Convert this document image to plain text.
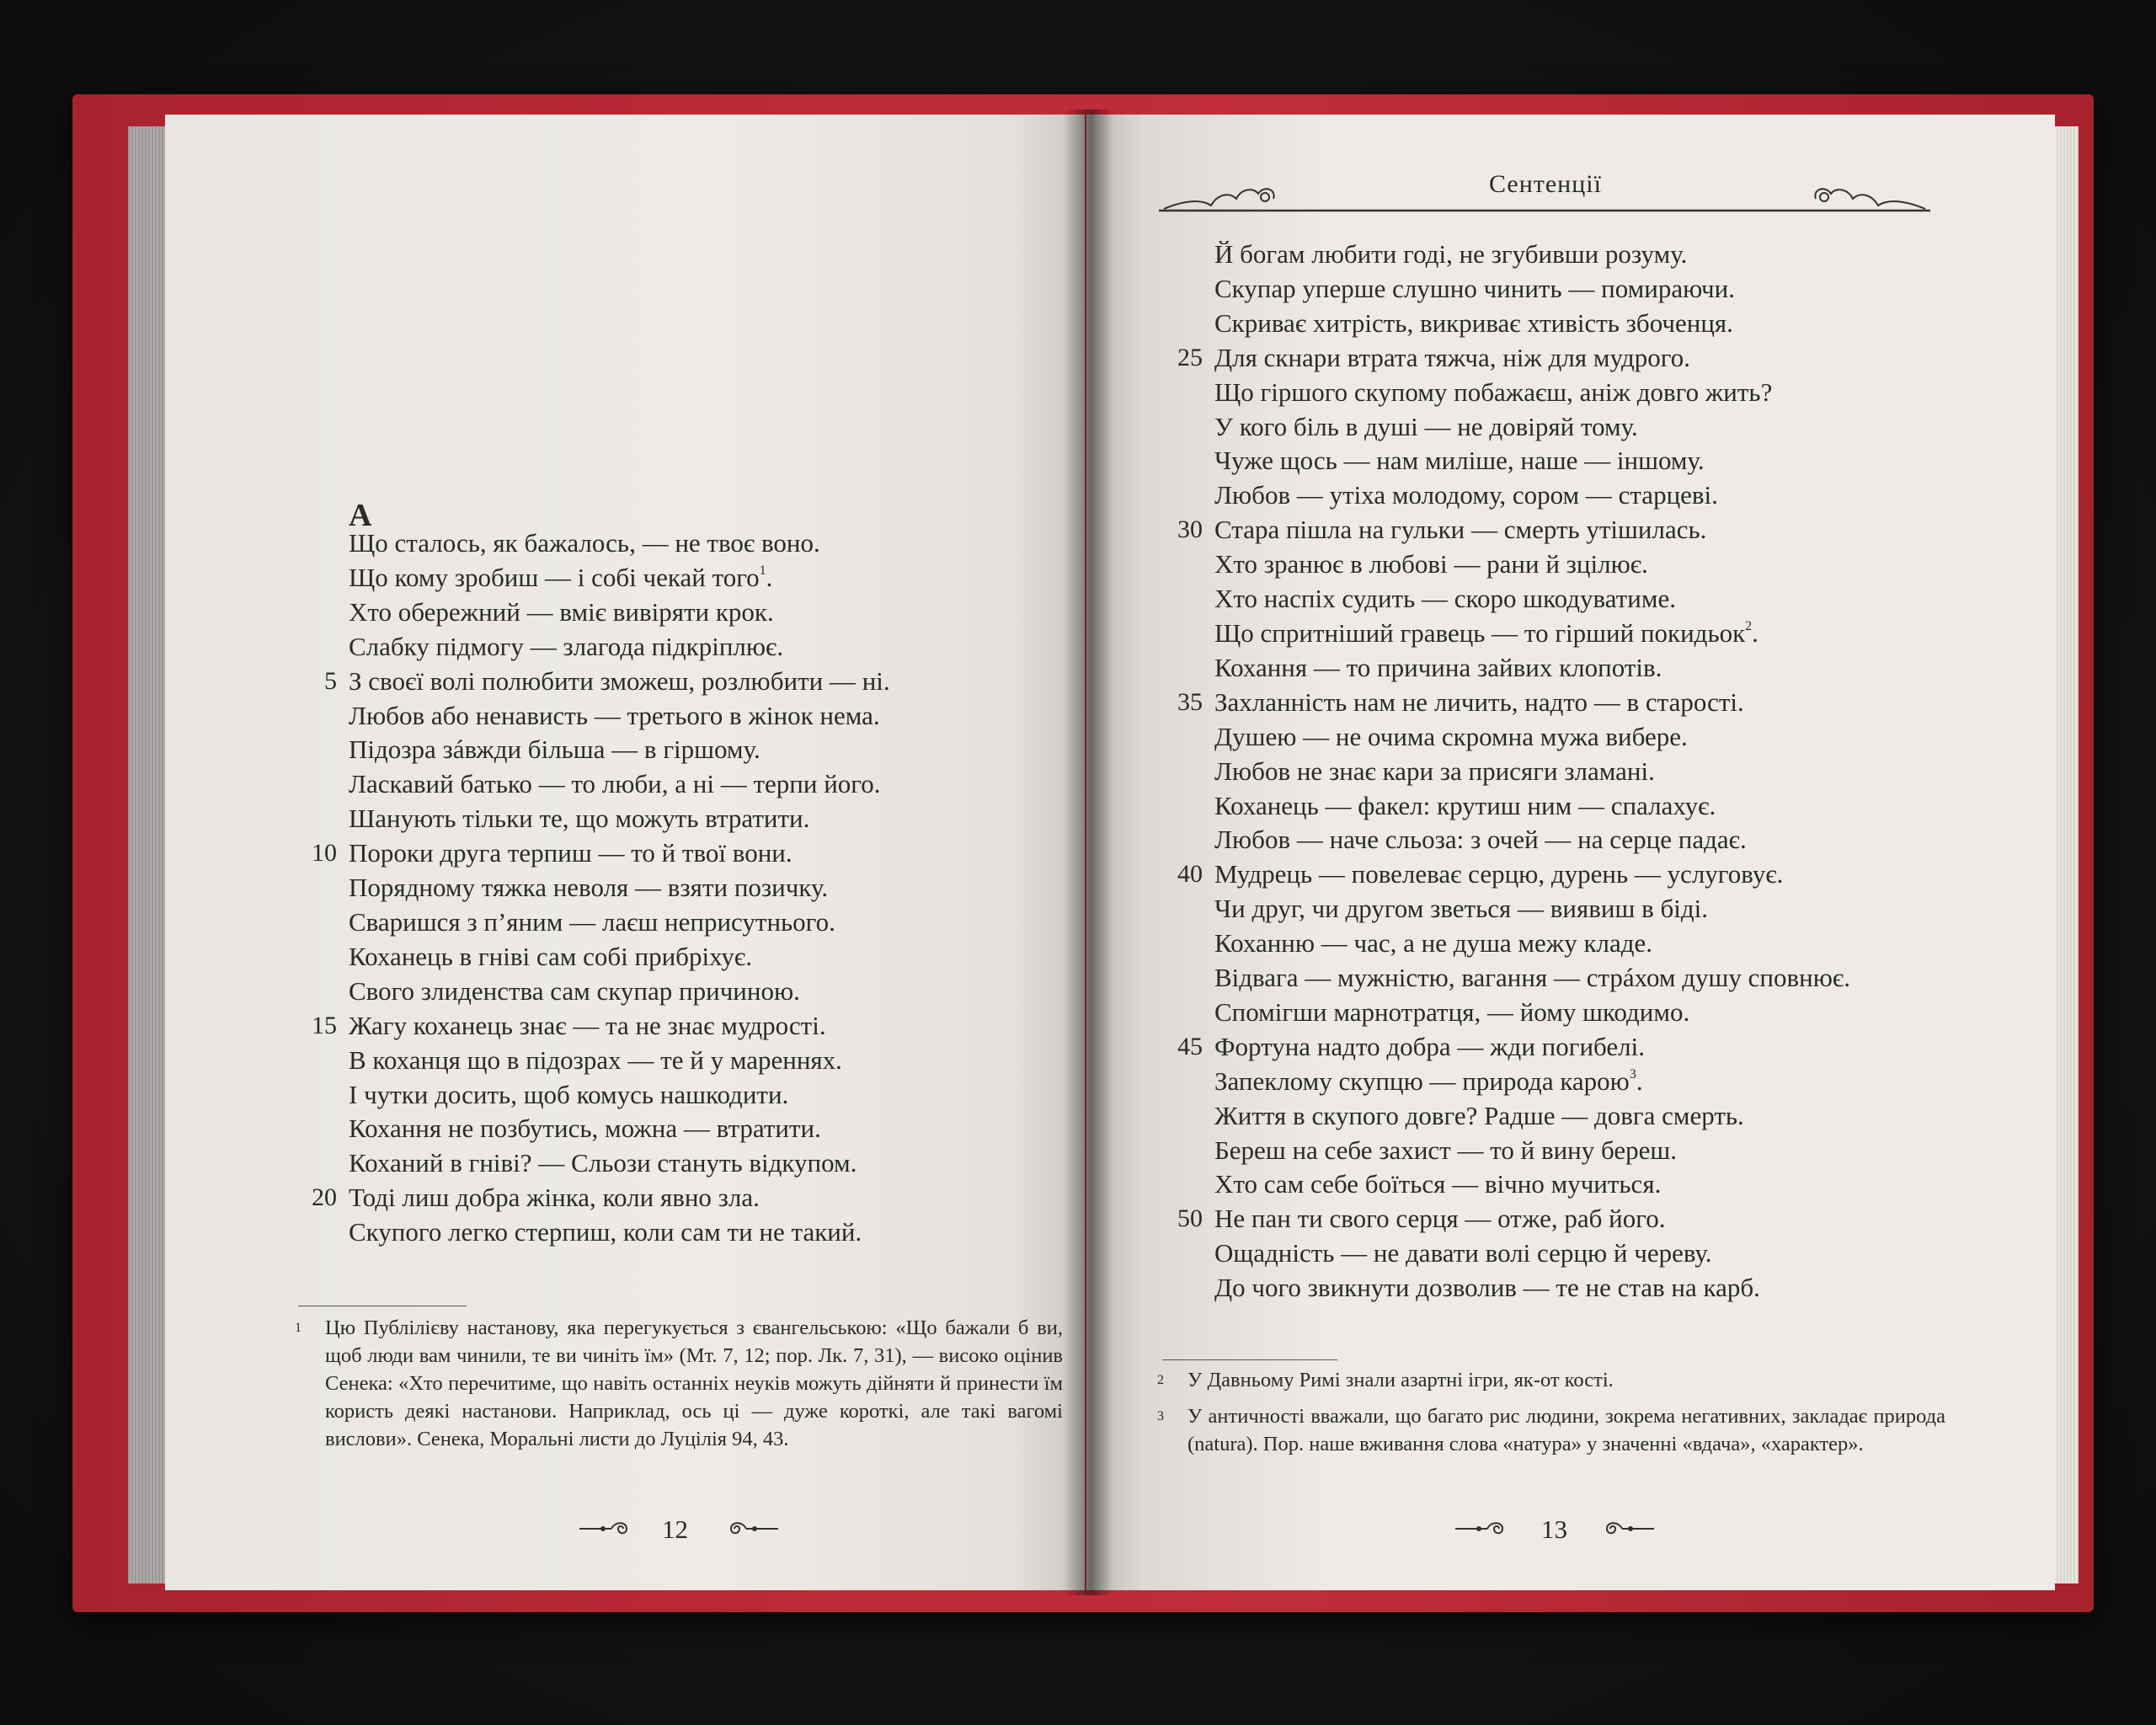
Сентенції
А
Що сталось, як бажалось, — не твоє воно.
Що кому зробиш — і собі чекай того$^1$.
Хто обережний — вміє вивіряти крок.
Слабку підмогу — злагода підкріплює.
5 З своєї волі полюбити зможеш, розлюбити — ні.
Любов або ненависть — третього в жінок нема.
Підозра зáвжди більша — в гіршому.
Ласкавий батько — то люби, а ні — терпи його.
Шанують тільки те, що можуть втратити.
10 Пороки друга терпиш — то й твої вони.
Порядному тяжка неволя — взяти позичку.
Сваришся з п’яним — лаєш неприсутнього.
Коханець в гніві сам собі прибріхує.
Свого злиденства сам скупар причиною.
15 Жагу коханець знає — та не знає мудрості.
В коханця що в підозрах — те й у мареннях.
І чутки досить, щоб комусь нашкодити.
Кохання не позбутись, можна — втратити.
Коханий в гніві? — Сльози стануть відкупом.
20 Тоді лиш добра жінка, коли явно зла.
Скупого легко стерпиш, коли сам ти не такий.
1 Цю Публілієву настанову, яка перегукується з євангельською: «Що бажали б ви, щоб люди вам чинили, те ви чиніть їм» (Мт. 7, 12; пор. Лк. 7, 31), — високо оцінив Сенека: «Хто перечитиме, що навіть останніх неуків можуть дійняти й принести їм користь деякі настанови. Наприклад, ось ці — дуже короткі, але такі вагомі вислови». Сенека, Моральні листи до Луцілія 94, 43.
12
Й богам любити годі, не згубивши розуму.
Скупар уперше слушно чинить — помираючи.
Скриває хитрість, викриває хтивість збоченця.
25 Для скнари втрата тяжча, ніж для мудрого.
Що гіршого скупому побажаєш, аніж довго жить?
У кого біль в душі — не довіряй тому.
Чуже щось — нам миліше, наше — іншому.
Любов — утіха молодому, сором — старцеві.
30 Стара пішла на гульки — смерть утішилась.
Хто зранює в любові — рани й зцілює.
Хто наспіх судить — скоро шкодуватиме.
Що спритніший гравець — то гірший покидьок$^2$.
Кохання — то причина зайвих клопотів.
35 Захланність нам не личить, надто — в старості.
Душею — не очима скромна мужа вибере.
Любов не знає кари за присяги зламані.
Коханець — факел: крутиш ним — спалахує.
Любов — наче сльоза: з очей — на серце падає.
40 Мудрець — повелеває серцю, дурень — услуговує.
Чи друг, чи другом зветься — виявиш в біді.
Коханню — час, а не душа межу кладе.
Відвага — мужністю, вагання — стрáхом душу сповнює.
Спомігши марнотратця, — йому шкодимо.
45 Фортуна надто добра — жди погибелі.
Запеклому скупцю — природа карою$^3$.
Життя в скупого довге? Радше — довга смерть.
Береш на себе захист — то й вину береш.
Хто сам себе боїться — вічно мучиться.
50 Не пан ти свого серця — отже, раб його.
Ощадність — не давати волі серцю й череву.
До чого звикнути дозволив — те не став на карб.
2 У Давньому Римі знали азартні ігри, як-от кості.
3 У античності вважали, що багато рис людини, зокрема негативних, закладає природа (natura). Пор. наше вживання слова «натура» у значенні «вдача», «характер».
13
